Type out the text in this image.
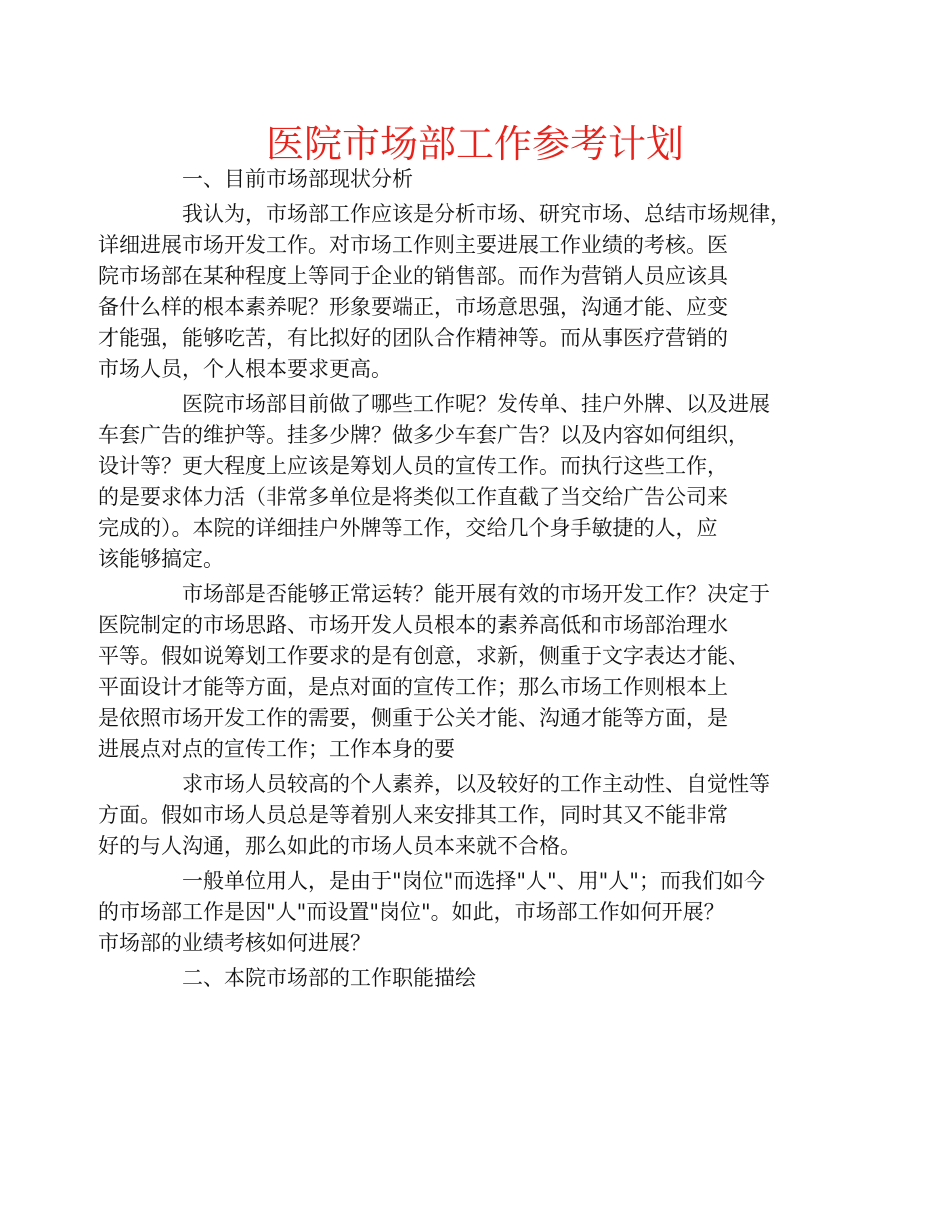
医院市场部工作参考计划

一、目前市场部现状分析

我认为，市场部工作应该是分析市场、研究市场、总结市场规律，
详细进展市场开发工作。对市场工作则主要进展工作业绩的考核。医
院市场部在某种程度上等同于企业的销售部。而作为营销人员应该具
备什么样的根本素养呢？形象要端正，市场意思强，沟通才能、应变
才能强，能够吃苦，有比拟好的团队合作精神等。而从事医疗营销的
市场人员，个人根本要求更高。

医院市场部目前做了哪些工作呢？发传单、挂户外牌、以及进展
车套广告的维护等。挂多少牌？做多少车套广告？以及内容如何组织，
设计等？更大程度上应该是筹划人员的宣传工作。而执行这些工作，
的是要求体力活（非常多单位是将类似工作直截了当交给广告公司来
完成的）。本院的详细挂户外牌等工作，交给几个身手敏捷的人，应
该能够搞定。

市场部是否能够正常运转？能开展有效的市场开发工作？决定于
医院制定的市场思路、市场开发人员根本的素养高低和市场部治理水
平等。假如说筹划工作要求的是有创意，求新，侧重于文字表达才能、
平面设计才能等方面，是点对面的宣传工作；那么市场工作则根本上
是依照市场开发工作的需要，侧重于公关才能、沟通才能等方面，是
进展点对点的宣传工作；工作本身的要

求市场人员较高的个人素养，以及较好的工作主动性、自觉性等
方面。假如市场人员总是等着别人来安排其工作，同时其又不能非常
好的与人沟通，那么如此的市场人员本来就不合格。

一般单位用人，是由于"岗位"而选择"人"、用"人"；而我们如今
的市场部工作是因"人"而设置"岗位"。如此，市场部工作如何开展？
市场部的业绩考核如何进展？

二、本院市场部的工作职能描绘
